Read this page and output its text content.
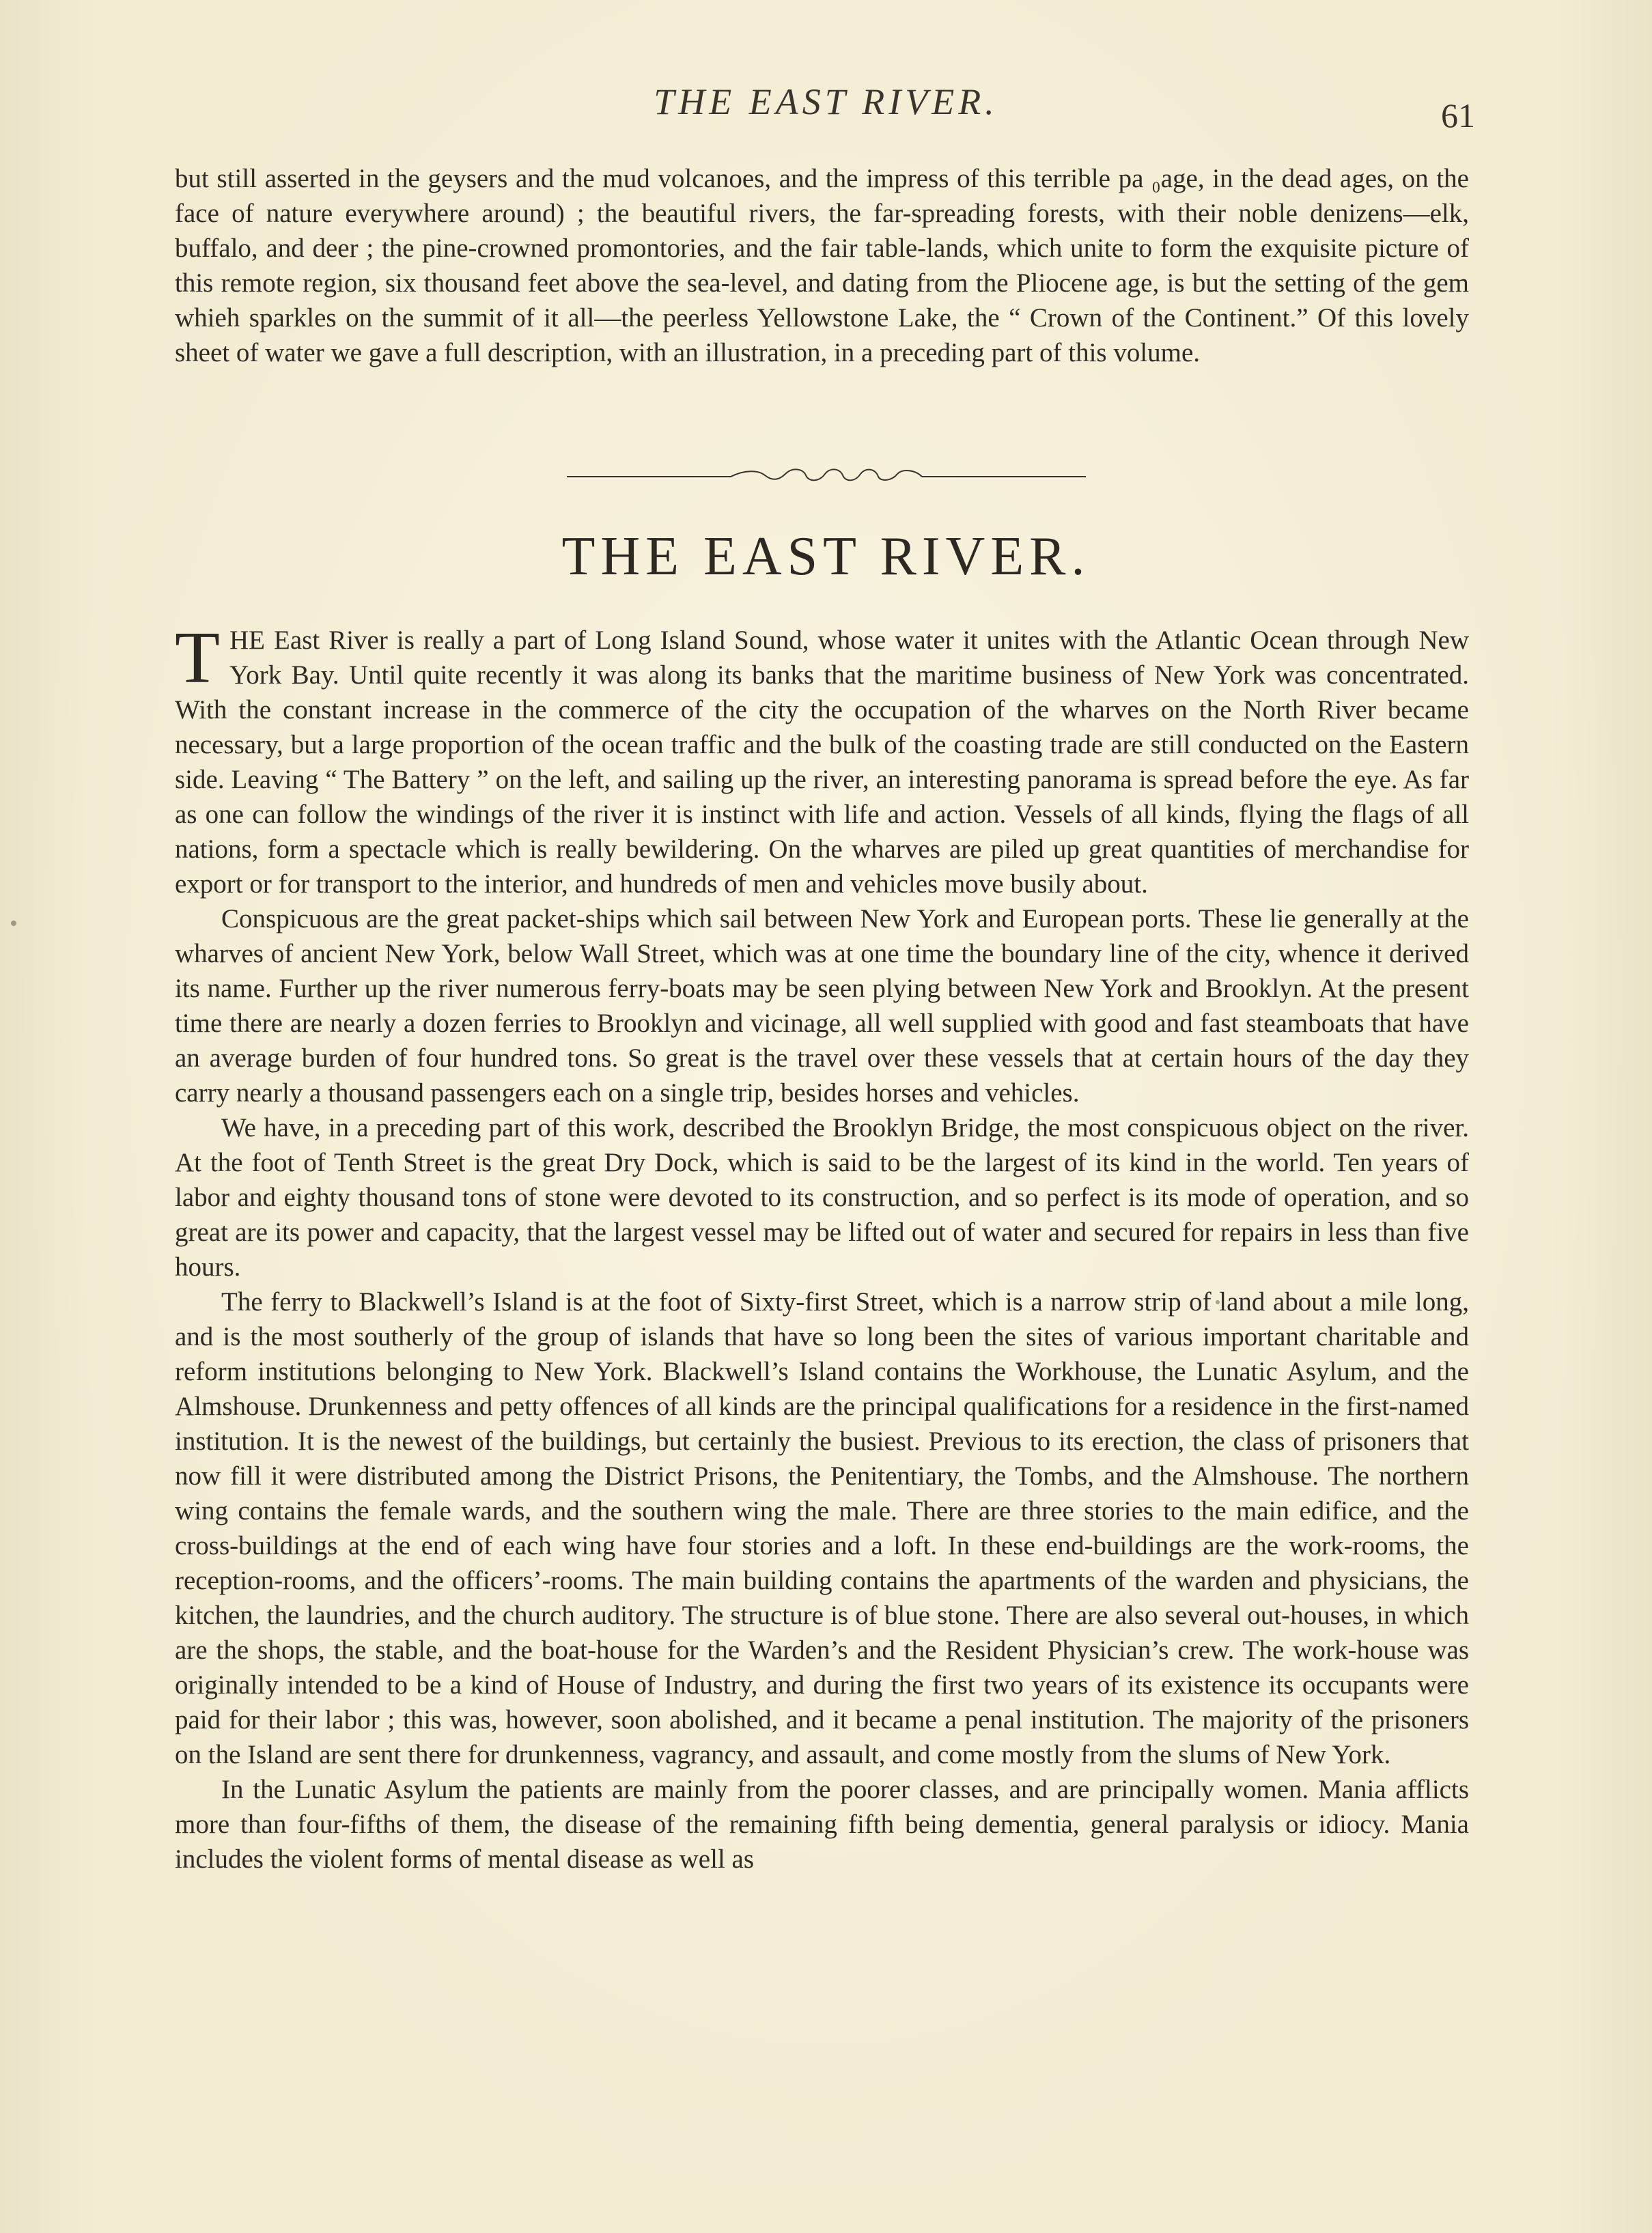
THE EAST RIVER.	61

but still asserted in the geysers and the mud volcanoes, and the impress of this terrible pa ₀age, in the dead ages, on the face of nature everywhere around) ; the beautiful rivers, the far-spreading forests, with their noble denizens—elk, buffalo, and deer ; the pine-crowned promontories, and the fair table-lands, which unite to form the exquisite picture of this remote region, six thousand feet above the sea-level, and dating from the Pliocene age, is but the setting of the gem whieh sparkles on the summit of it all—the peerless Yellowstone Lake, the “ Crown of the Continent.” Of this lovely sheet of water we gave a full description, with an illustration, in a preceding part of this volume.

THE EAST RIVER.

THE East River is really a part of Long Island Sound, whose water it unites with the Atlantic Ocean through New York Bay. Until quite recently it was along its banks that the maritime business of New York was concentrated. With the constant increase in the commerce of the city the occupation of the wharves on the North River became necessary, but a large proportion of the ocean traffic and the bulk of the coasting trade are still conducted on the Eastern side. Leaving “ The Battery ” on the left, and sailing up the river, an interesting panorama is spread before the eye. As far as one can follow the windings of the river it is instinct with life and action. Vessels of all kinds, flying the flags of all nations, form a spectacle which is really bewildering. On the wharves are piled up great quantities of merchandise for export or for transport to the interior, and hundreds of men and vehicles move busily about.

Conspicuous are the great packet-ships which sail between New York and European ports. These lie generally at the wharves of ancient New York, below Wall Street, which was at one time the boundary line of the city, whence it derived its name. Further up the river numerous ferry-boats may be seen plying between New York and Brooklyn. At the present time there are nearly a dozen ferries to Brooklyn and vicinage, all well supplied with good and fast steamboats that have an average burden of four hundred tons. So great is the travel over these vessels that at certain hours of the day they carry nearly a thousand passengers each on a single trip, besides horses and vehicles.

We have, in a preceding part of this work, described the Brooklyn Bridge, the most conspicuous object on the river. At the foot of Tenth Street is the great Dry Dock, which is said to be the largest of its kind in the world. Ten years of labor and eighty thousand tons of stone were devoted to its construction, and so perfect is its mode of operation, and so great are its power and capacity, that the largest vessel may be lifted out of water and secured for repairs in less than five hours.

The ferry to Blackwell’s Island is at the foot of Sixty-first Street, which is a narrow strip of land about a mile long, and is the most southerly of the group of islands that have so long been the sites of various important charitable and reform institutions belonging to New York. Blackwell’s Island contains the Workhouse, the Lunatic Asylum, and the Almshouse. Drunkenness and petty offences of all kinds are the principal qualifications for a residence in the first-named institution. It is the newest of the buildings, but certainly the busiest. Previous to its erection, the class of prisoners that now fill it were distributed among the District Prisons, the Penitentiary, the Tombs, and the Almshouse. The northern wing contains the female wards, and the southern wing the male. There are three stories to the main edifice, and the cross-buildings at the end of each wing have four stories and a loft. In these end-buildings are the work-rooms, the reception-rooms, and the officers’-rooms. The main building contains the apartments of the warden and physicians, the kitchen, the laundries, and the church auditory. The structure is of blue stone. There are also several out-houses, in which are the shops, the stable, and the boat-house for the Warden’s and the Resident Physician’s crew. The work-house was originally intended to be a kind of House of Industry, and during the first two years of its existence its occupants were paid for their labor ; this was, however, soon abolished, and it became a penal institution. The majority of the prisoners on the Island are sent there for drunkenness, vagrancy, and assault, and come mostly from the slums of New York.

In the Lunatic Asylum the patients are mainly from the poorer classes, and are principally women. Mania afflicts more than four-fifths of them, the disease of the remaining fifth being dementia, general paralysis or idiocy. Mania includes the violent forms of mental disease as well as
